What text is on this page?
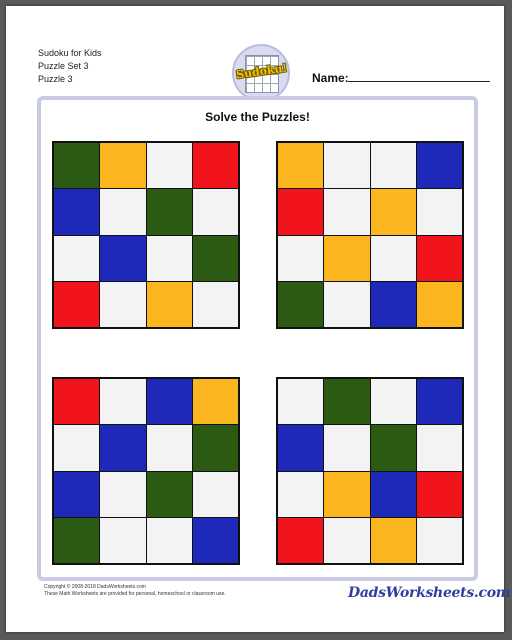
Sudoku for Kids
Puzzle Set 3
Puzzle 3	Sudoku! Name:
Solve the Puzzles!
Copyright © 2008-2018 DadsWorksheets.com
These Math Worksheets are provided for personal, homeschool or classroom use.	DadsWorksheets.com
